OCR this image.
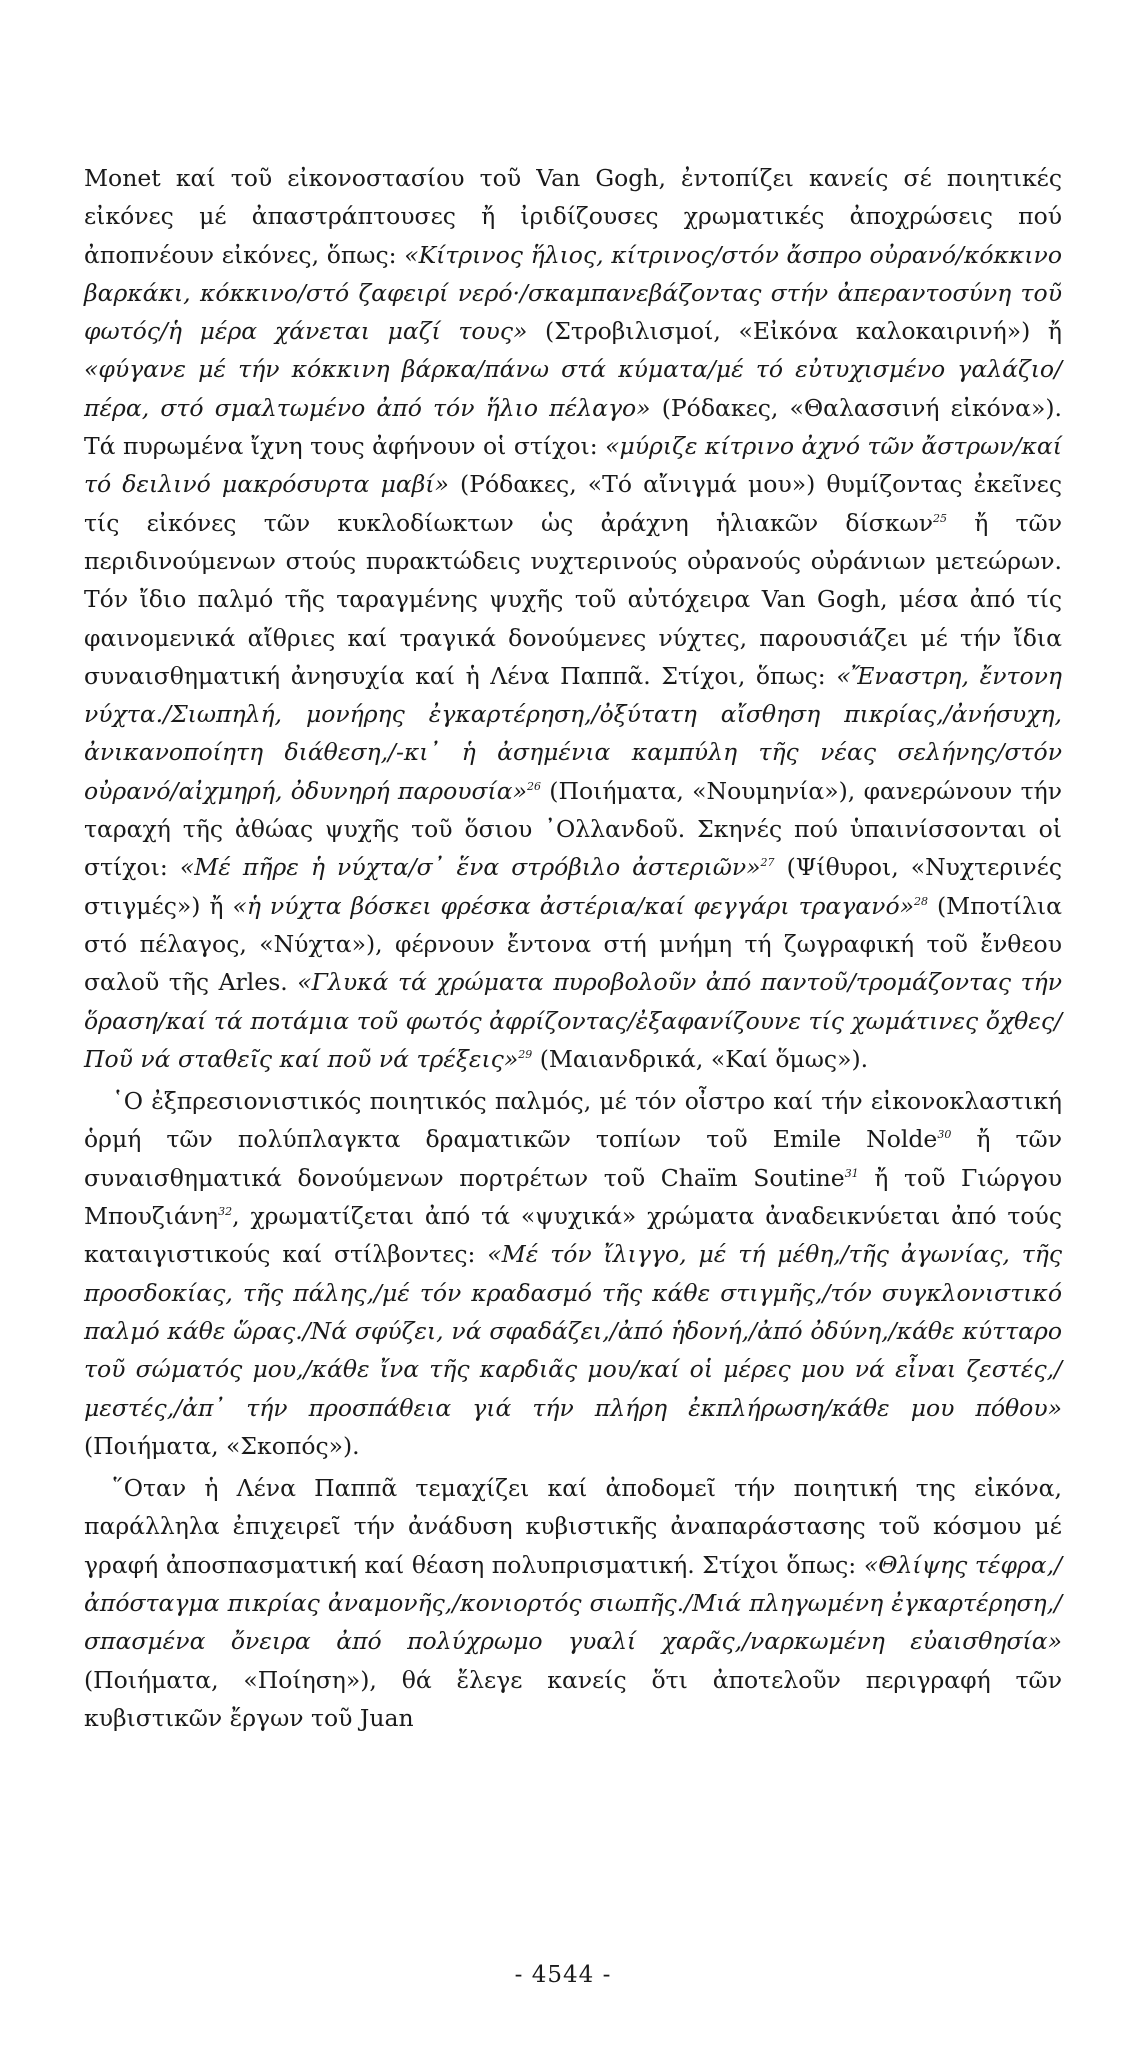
Monet καί τοῦ εἰκονοστασίου τοῦ Van Gogh, ἐντοπίζει κανείς σέ ποιητικές εἰκόνες μέ ἀπαστράπτουσες ἤ ἰριδίζουσες χρωματικές ἀποχρώσεις πού ἀποπνέουν εἰκόνες, ὅπως: «Κίτρινος ἥλιος, κίτρινος/στόν ἄσπρο οὐρανό/κόκκινο βαρκάκι, κόκκινο/στό ζαφειρί νερό·/σκαμπανεβάζοντας στήν ἀπεραντοσύνη τοῦ φωτός/ἡ μέρα χάνεται μαζί τους» (Στροβιλισμοί, «Εἰκόνα καλοκαιρινή») ἤ «φύγανε μέ τήν κόκκινη βάρκα/πάνω στά κύματα/μέ τό εὐτυχισμένο γαλάζιο/πέρα, στό σμαλτωμένο ἀπό τόν ἥλιο πέλαγο» (Ρόδακες, «Θαλασσινή εἰκόνα»). Τά πυρωμένα ἴχνη τους ἀφήνουν οἱ στίχοι: «μύριζε κίτρινο ἀχνό τῶν ἄστρων/καί τό δειλινό μακρόσυρτα μαβί» (Ρόδακες, «Τό αἴνιγμά μου») θυμίζοντας ἐκεῖνες τίς εἰκόνες τῶν κυκλοδίωκτων ὡς ἀράχνη ἡλιακῶν δίσκων$^{25}$ ἤ τῶν περιδινούμενων στούς πυρακτώδεις νυχτερινούς οὐρανούς οὐράνιων μετεώρων. Τόν ἴδιο παλμό τῆς ταραγμένης ψυχῆς τοῦ αὐτόχειρα Van Gogh, μέσα ἀπό τίς φαινομενικά αἴθριες καί τραγικά δονούμενες νύχτες, παρουσιάζει μέ τήν ἴδια συναισθηματική ἀνησυχία καί ἡ Λένα Παππᾶ. Στίχοι, ὅπως: «Ἔναστρη, ἔντονη νύχτα./Σιωπηλή, μονήρης ἐγκαρτέρηση,/ὀξύτατη αἴσθηση πικρίας,/ἀνήσυχη, ἀνικανοποίητη διάθεση,/-κι᾿ ἡ ἀσημένια καμπύλη τῆς νέας σελήνης/στόν οὐρανό/αἰχμηρή, ὀδυνηρή παρουσία»$^{26}$ (Ποιήματα, «Νουμηνία»), φανερώνουν τήν ταραχή τῆς ἀθώας ψυχῆς τοῦ ὅσιου ᾿Ολλανδοῦ. Σκηνές πού ὑπαινίσσονται οἱ στίχοι: «Μέ πῆρε ἡ νύχτα/σ᾿ ἕνα στρόβιλο ἀστεριῶν»$^{27}$ (Ψίθυροι, «Νυχτερινές στιγμές») ἤ «ἡ νύχτα βόσκει φρέσκα ἀστέρια/καί φεγγάρι τραγανό»$^{28}$ (Μποτίλια στό πέλαγος, «Νύχτα»), φέρνουν ἔντονα στή μνήμη τή ζωγραφική τοῦ ἔνθεου σαλοῦ τῆς Arles. «Γλυκά τά χρώματα πυροβολοῦν ἀπό παντοῦ/τρομάζοντας τήν ὅραση/καί τά ποτάμια τοῦ φωτός ἀφρίζοντας/ἐξαφανίζουνε τίς χωμάτινες ὄχθες/Ποῦ νά σταθεῖς καί ποῦ νά τρέξεις»$^{29}$ (Μαιανδρικά, «Καί ὅμως»).

῾Ο ἐξπρεσιονιστικός ποιητικός παλμός, μέ τόν οἶστρο καί τήν εἰκονοκλαστική ὁρμή τῶν πολύπλαγκτα δραματικῶν τοπίων τοῦ Emile Nolde$^{30}$ ἤ τῶν συναισθηματικά δονούμενων πορτρέτων τοῦ Chaïm Soutine$^{31}$ ἤ τοῦ Γιώργου Μπουζιάνη$^{32}$, χρωματίζεται ἀπό τά «ψυχικά» χρώματα ἀναδεικνύεται ἀπό τούς καταιγιστικούς καί στίλβοντες: «Μέ τόν ἴλιγγο, μέ τή μέθη,/τῆς ἀγωνίας, τῆς προσδοκίας, τῆς πάλης,/μέ τόν κραδασμό τῆς κάθε στιγμῆς,/τόν συγκλονιστικό παλμό κάθε ὥρας./Νά σφύζει, νά σφαδάζει,/ἀπό ἡδονή,/ἀπό ὀδύνη,/κάθε κύτταρο τοῦ σώματός μου,/κάθε ἴνα τῆς καρδιᾶς μου/καί οἱ μέρες μου νά εἶναι ζεστές,/μεστές,/ἀπ᾿ τήν προσπάθεια γιά τήν πλήρη ἐκπλήρωση/κάθε μου πόθου» (Ποιήματα, «Σκοπός»).

῞Οταν ἡ Λένα Παππᾶ τεμαχίζει καί ἀποδομεῖ τήν ποιητική της εἰκόνα, παράλληλα ἐπιχειρεῖ τήν ἀνάδυση κυβιστικῆς ἀναπαράστασης τοῦ κόσμου μέ γραφή ἀποσπασματική καί θέαση πολυπρισματική. Στίχοι ὅπως: «Θλίψης τέφρα,/ἀπόσταγμα πικρίας ἀναμονῆς,/κονιορτός σιωπῆς./Μιά πληγωμένη ἐγκαρτέρηση,/σπασμένα ὄνειρα ἀπό πολύχρωμο γυαλί χαρᾶς,/ναρκωμένη εὐαισθησία» (Ποιήματα, «Ποίηση»), θά ἔλεγε κανείς ὅτι ἀποτελοῦν περιγραφή τῶν κυβιστικῶν ἔργων τοῦ Juan

- 4544 -
